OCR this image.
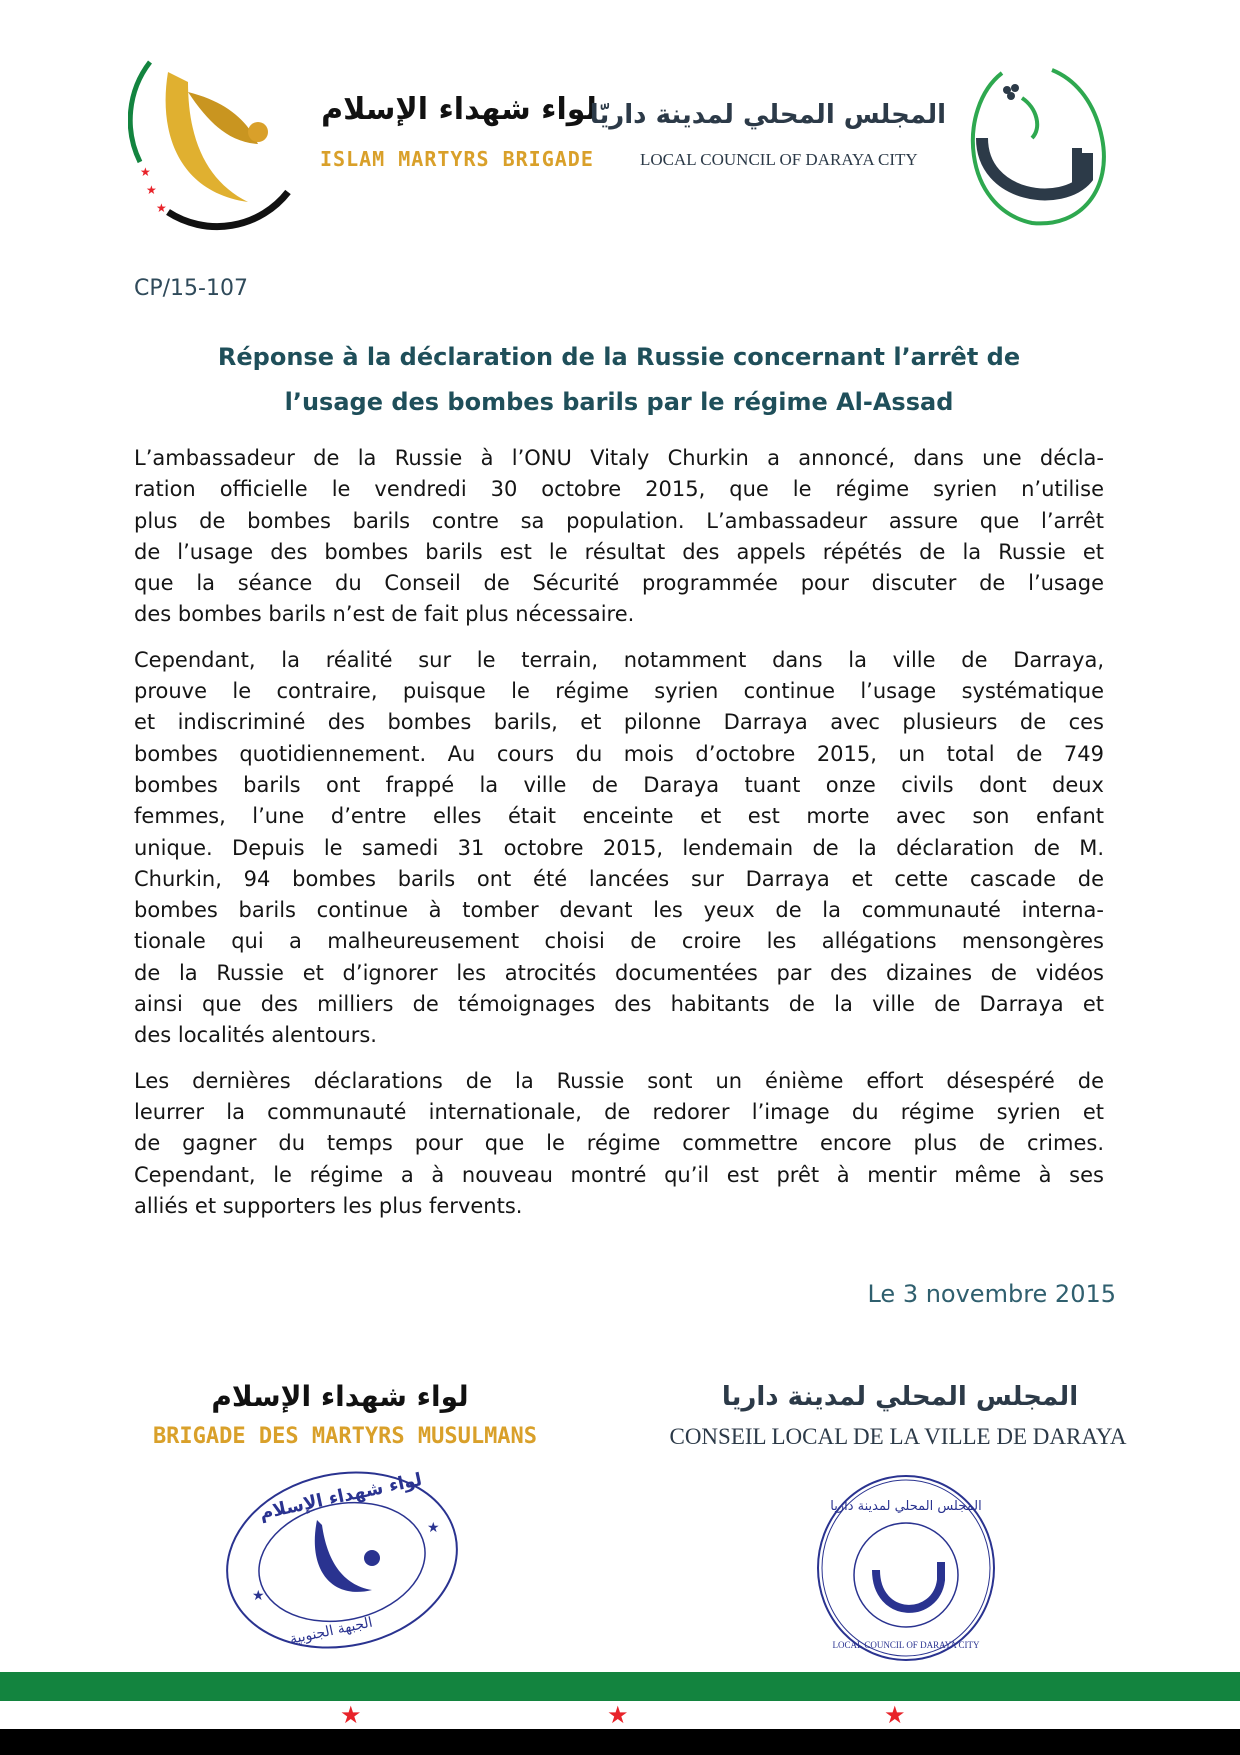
★
★
★
لواء شهداء الإسلام
ISLAM MARTYRS BRIGADE
المجلس المحلي لمدينة داريّا
LOCAL COUNCIL OF DARAYA CITY
CP/15-107
Réponse à la déclaration de la Russie concernant l’arrêt de
l’usage des bombes barils par le régime Al-Assad
L’ambassadeur de la Russie à l’ONU Vitaly Churkin a annoncé, dans une décla-
ration officielle le vendredi 30 octobre 2015, que le régime syrien n’utilise
plus de bombes barils contre sa population. L’ambassadeur assure que l’arrêt
de l’usage des bombes barils est le résultat des appels répétés de la Russie et
que la séance du Conseil de Sécurité programmée pour discuter de l’usage
des bombes barils n’est de fait plus nécessaire.
Cependant, la réalité sur le terrain, notamment dans la ville de Darraya,
prouve le contraire, puisque le régime syrien continue l’usage systématique
et indiscriminé des bombes barils, et pilonne Darraya avec plusieurs de ces
bombes quotidiennement. Au cours du mois d’octobre 2015, un total de 749
bombes barils ont frappé la ville de Daraya tuant onze civils dont deux
femmes, l’une d’entre elles était enceinte et est morte avec son enfant
unique. Depuis le samedi 31 octobre 2015, lendemain de la déclaration de M.
Churkin, 94 bombes barils ont été lancées sur Darraya et cette cascade de
bombes barils continue à tomber devant les yeux de la communauté interna-
tionale qui a malheureusement choisi de croire les allégations mensongères
de la Russie et d’ignorer les atrocités documentées par des dizaines de vidéos
ainsi que des milliers de témoignages des habitants de la ville de Darraya et
des localités alentours.
Les dernières déclarations de la Russie sont un énième effort désespéré de
leurrer la communauté internationale, de redorer l’image du régime syrien et
de gagner du temps pour que le régime commettre encore plus de crimes.
Cependant, le régime a à nouveau montré qu’il est prêt à mentir même à ses
alliés et supporters les plus fervents.
Le 3 novembre 2015
لواء شهداء الإسلام
BRIGADE DES MARTYRS MUSULMANS
المجلس المحلي لمدينة داريا
CONSEIL LOCAL DE LA VILLE DE DARAYA
★
★
لواء شهداء الإسلام
الجبهة الجنوبية
المجلس المحلي لمدينة داريا
LOCAL COUNCIL OF DARAYA CITY
★	★	★
